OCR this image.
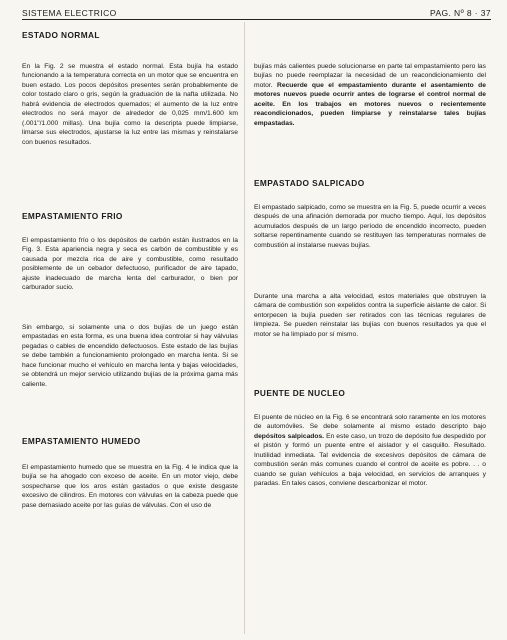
SISTEMA ELECTRICO	PAG. Nº 8 · 37
ESTADO NORMAL

En la Fig. 2 se muestra el estado normal. Esta bujía ha estado funcionando a la temperatura correcta en un motor que se encuentra en buen estado. Los pocos depósitos presentes serán probablemente de color tostado claro o gris, según la graduación de la nafta utilizada. No habrá evidencia de electrodos quemados; el aumento de la luz entre electrodos no será mayor de alrededor de 0,025 mm/1.600 km (.001"/1.000 millas). Una bujía como la descripta puede limpiarse, limarse sus electrodos, ajustarse la luz entre las mismas y reinstalarse con buenos resultados.

EMPASTAMIENTO FRIO

El empastamiento frío o los depósitos de carbón están ilustrados en la Fig. 3. Esta apariencia negra y seca es carbón de combustible y es causada por mezcla rica de aire y combustible, como resultado posiblemente de un cebador defectuoso, purificador de aire tapado, ajuste inadecuado de marcha lenta del carburador, o bien por carburador sucio.

Sin embargo, si solamente una o dos bujías de un juego están empastadas en esta forma, es una buena idea controlar si hay válvulas pegadas o cables de encendido defectuosos. Este estado de las bujías se debe también a funcionamiento prolongado en marcha lenta. Si se hace funcionar mucho el vehículo en marcha lenta y bajas velocidades, se obtendrá un mejor servicio utilizando bujías de la próxima gama más caliente.

EMPASTAMIENTO HUMEDO

El empastamiento humedo que se muestra en la Fig. 4 le indica que la bujía se ha ahogado con exceso de aceite. En un motor viejo, debe sospecharse que los aros están gastados o que existe desgaste excesivo de cilindros. En motores con válvulas en la cabeza puede que pase demasiado aceite por las guías de válvulas. Con el uso de

bujías más calientes puede solucionarse en parte tal empastamiento pero las bujías no puede reemplazar la necesidad de un reacondicionamiento del motor. Recuerde que el empastamiento durante el asentamiento de motores nuevos puede ocurrir antes de lograrse el control normal de aceite. En los trabajos en motores nuevos o recientemente reacondicionados, pueden limpiarse y reinstalarse tales bujías empastadas.

EMPASTADO SALPICADO

El empastado salpicado, como se muestra en la Fig. 5, puede ocurrir a veces después de una afinación demorada por mucho tiempo. Aquí, los depósitos acumulados después de un largo período de encendido incorrecto, pueden soltarse repentinamente cuando se restituyen las temperaturas normales de combustión al instalarse nuevas bujías.

Durante una marcha a alta velocidad, estos materiales que obstruyen la cámara de combustión son expelidos contra la superficie aislante de calor. Si entorpecen la bujía pueden ser retirados con las técnicas regulares de limpieza. Se pueden reinstalar las bujías con buenos resultados ya que el motor se ha limpiado por sí mismo.

PUENTE DE NUCLEO

El puente de núcleo en la Fig. 6 se encontrará solo raramente en los motores de automóviles. Se debe solamente al mismo estado descripto bajo depósitos salpicados. En este caso, un trozo de depósito fue despedido por el pistón y formó un puente entre el aislador y el casquillo. Resultado. Inutilidad inmediata. Tal evidencia de excesivos depósitos de cámara de combustión serán más comunes cuando el control de aceite es pobre. . . o cuando se guían vehículos a baja velocidad, en servicios de arranques y paradas. En tales casos, conviene descarbonizar el motor.
